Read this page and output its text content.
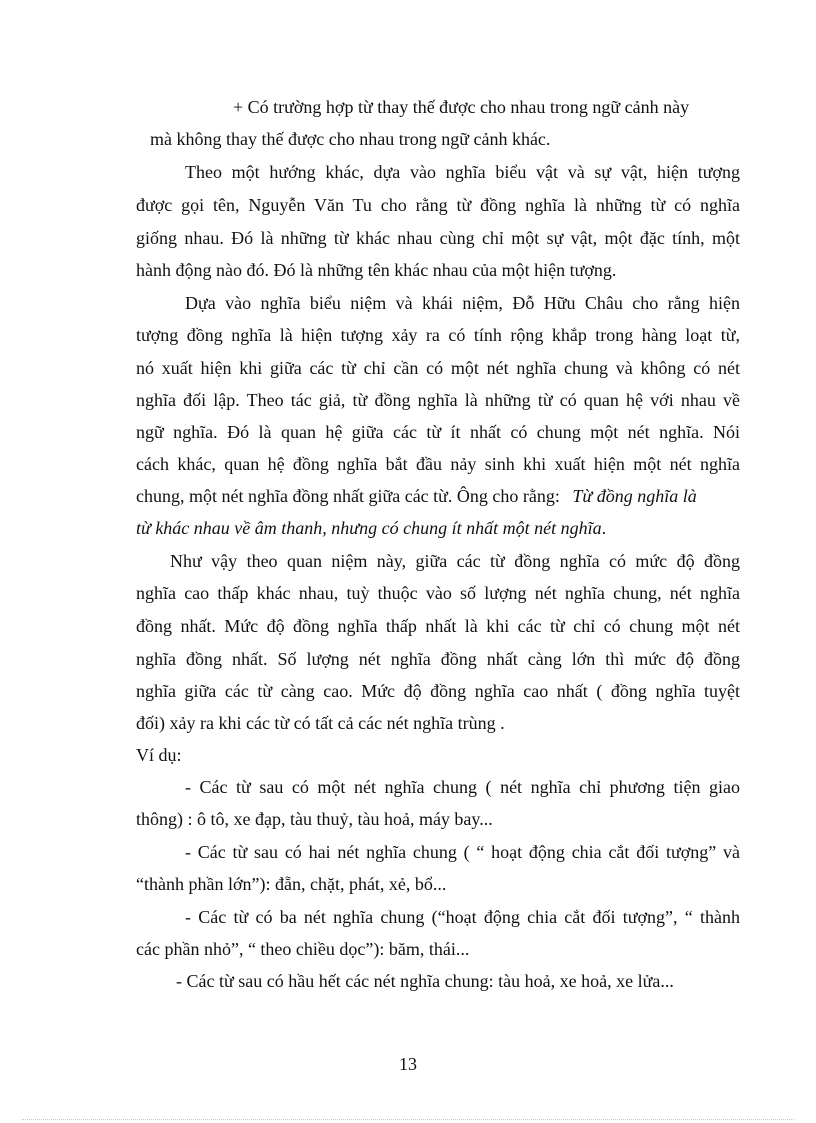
+ Có trường hợp từ thay thế được cho nhau trong ngữ cảnh này
mà không thay thế được cho nhau trong ngữ cảnh khác.
Theo một hướng khác, dựa vào nghĩa biểu vật và sự vật, hiện tượng
được gọi tên, Nguyễn Văn Tu cho rằng từ đồng nghĩa là những từ có nghĩa
giống nhau. Đó là những từ khác nhau cùng chỉ một sự vật, một đặc tính, một
hành động nào đó. Đó là những tên khác nhau của một hiện tượng.
Dựa vào nghĩa biểu niệm và khái niệm, Đỗ Hữu Châu cho rằng hiện
tượng đồng nghĩa là hiện tượng xảy ra có tính rộng khắp trong hàng loạt từ,
nó xuất hiện khi giữa các từ chỉ cần có một nét nghĩa chung và không có nét
nghĩa đối lập. Theo tác giả, từ đồng nghĩa là những từ có quan hệ với nhau về
ngữ nghĩa. Đó là quan hệ giữa các từ ít nhất có chung một nét nghĩa. Nói
cách khác, quan hệ đồng nghĩa bắt đầu nảy sinh khi xuất hiện một nét nghĩa
chung, một nét nghĩa đồng nhất giữa các từ. Ông cho rằng: Từ đồng nghĩa là
từ khác nhau về âm thanh, nhưng có chung ít nhất một nét nghĩa.
Như vậy theo quan niệm này, giữa các từ đồng nghĩa có mức độ đồng
nghĩa cao thấp khác nhau, tuỳ thuộc vào số lượng nét nghĩa chung, nét nghĩa
đồng nhất. Mức độ đồng nghĩa thấp nhất là khi các từ chỉ có chung một nét
nghĩa đồng nhất. Số lượng nét nghĩa đồng nhất càng lớn thì mức độ đồng
nghĩa giữa các từ càng cao. Mức độ đồng nghĩa cao nhất ( đồng nghĩa tuyệt
đối) xảy ra khi các từ có tất cả các nét nghĩa trùng .
Ví dụ:
- Các từ sau có một nét nghĩa chung ( nét nghĩa chỉ phương tiện giao
thông) : ô tô, xe đạp, tàu thuỷ, tàu hoả, máy bay...
- Các từ sau có hai nét nghĩa chung ( “ hoạt động chia cắt đối tượng” và
“thành phần lớn”): đẵn, chặt, phát, xẻ, bổ...
- Các từ có ba nét nghĩa chung (“hoạt động chia cắt đối tượng”, “ thành
các phần nhỏ”, “ theo chiều dọc”): băm, thái...
- Các từ sau có hầu hết các nét nghĩa chung: tàu hoả, xe hoả, xe lửa...
13
